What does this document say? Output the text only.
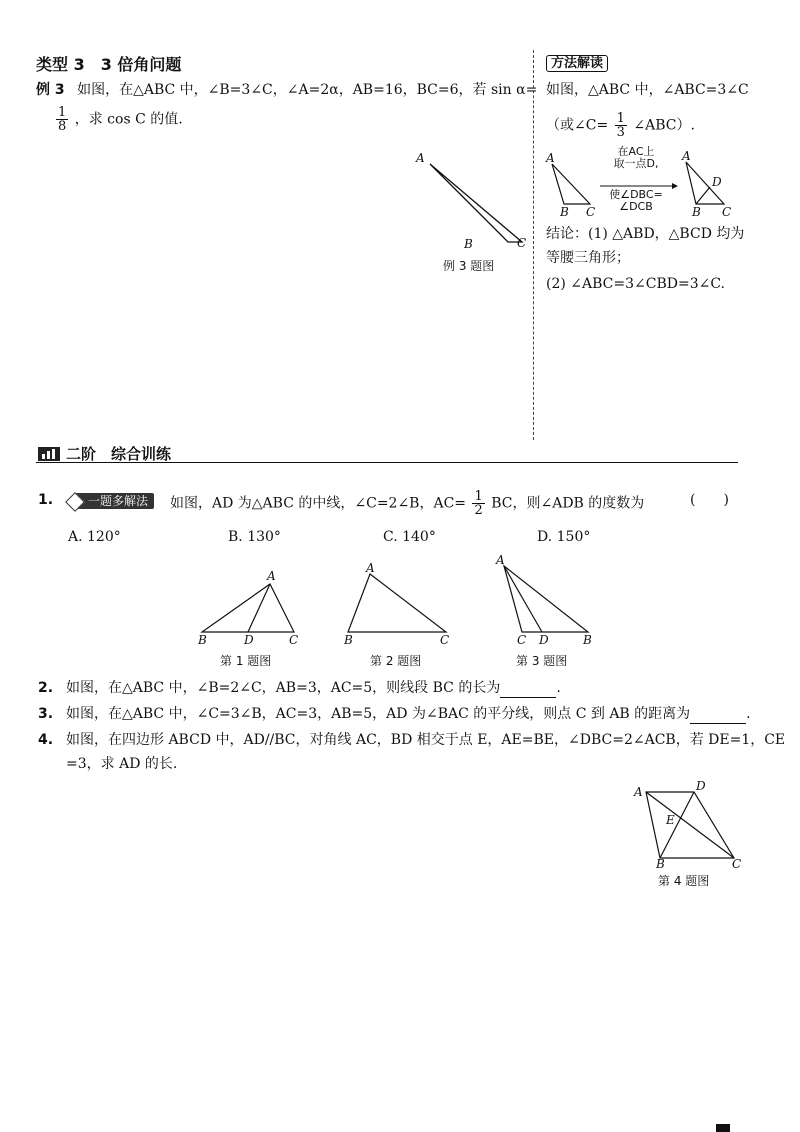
类型 3　3 倍角问题
例 3 如图，在△ABC 中，∠B=3∠C，∠A=2α，AB=16，BC=6，若 sin α=
$\frac{1}{8}$ ，求 cos C 的值.
A
B	C
例 3 题图
方法解读
如图，△ABC 中，∠ABC=3∠C
（或∠C= $\frac{1}{3}$ ∠ABC）.
A
B C
A
D
B C
在AC上
取一点D,
使∠DBC=
∠DCB
结论：(1) △ABD，△BCD 均为
等腰三角形；
(2) ∠ABC=3∠CBD=3∠C.
二阶　综合训练
1.	一题多解法	如图，AD 为△ABC 的中线，∠C=2∠B，$AC= \frac{1}{2}$ BC，则∠ADB 的度数为	(　　)
A. 120°	B. 130°	C. 140°	D. 150°
A
B	D	C
第 1 题图
A
B	C
第 2 题图
A
C D	B
第 3 题图
2. 如图，在△ABC 中，∠B=2∠C，AB=3，AC=5，则线段 BC 的长为	.
3. 如图，在△ABC 中，∠C=3∠B，AC=3，AB=5，AD 为∠BAC 的平分线，则点 C 到 AB 的距离为	.
4. 如图，在四边形 ABCD 中，AD//BC，对角线 AC，BD 相交于点 E，AE=BE，∠DBC=2∠ACB，若 DE=1，CE
=3，求 AD 的长.
A	D
E
B	C
第 4 题图
